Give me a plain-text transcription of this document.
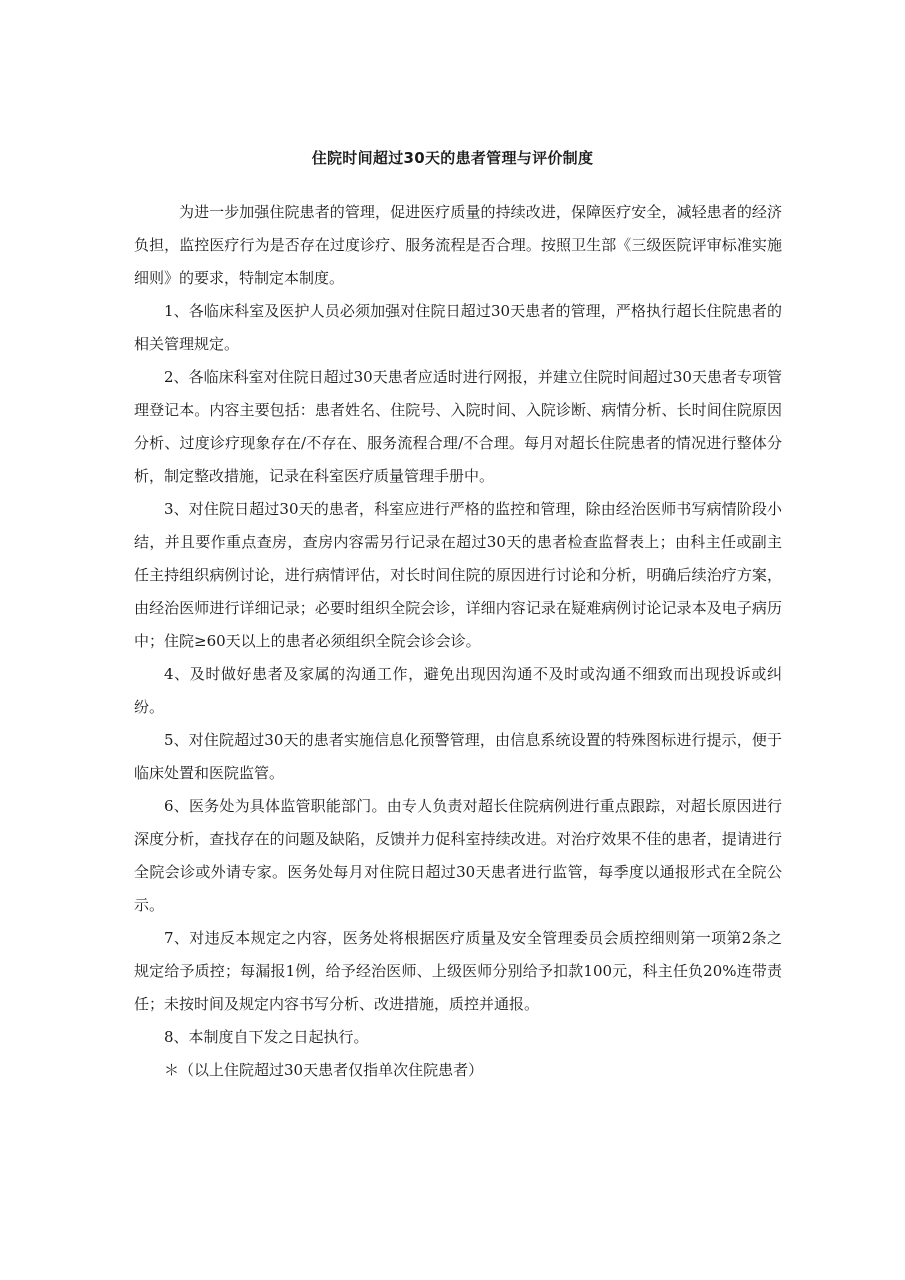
住院时间超过30天的患者管理与评价制度

为进一步加强住院患者的管理，促进医疗质量的持续改进，保障医疗安全，减轻患者的经济负担，监控医疗行为是否存在过度诊疗、服务流程是否合理。按照卫生部《三级医院评审标准实施细则》的要求，特制定本制度。

1、各临床科室及医护人员必须加强对住院日超过30天患者的管理，严格执行超长住院患者的相关管理规定。

2、各临床科室对住院日超过30天患者应适时进行网报，并建立住院时间超过30天患者专项管理登记本。内容主要包括：患者姓名、住院号、入院时间、入院诊断、病情分析、长时间住院原因分析、过度诊疗现象存在/不存在、服务流程合理/不合理。每月对超长住院患者的情况进行整体分析，制定整改措施，记录在科室医疗质量管理手册中。

3、对住院日超过30天的患者，科室应进行严格的监控和管理，除由经治医师书写病情阶段小结，并且要作重点查房，查房内容需另行记录在超过30天的患者检查监督表上；由科主任或副主任主持组织病例讨论，进行病情评估，对长时间住院的原因进行讨论和分析，明确后续治疗方案，由经治医师进行详细记录；必要时组织全院会诊，详细内容记录在疑难病例讨论记录本及电子病历中；住院≥60天以上的患者必须组织全院会诊会诊。

4、及时做好患者及家属的沟通工作，避免出现因沟通不及时或沟通不细致而出现投诉或纠纷。

5、对住院超过30天的患者实施信息化预警管理，由信息系统设置的特殊图标进行提示，便于临床处置和医院监管。

6、医务处为具体监管职能部门。由专人负责对超长住院病例进行重点跟踪，对超长原因进行深度分析，查找存在的问题及缺陷，反馈并力促科室持续改进。对治疗效果不佳的患者，提请进行全院会诊或外请专家。医务处每月对住院日超过30天患者进行监管，每季度以通报形式在全院公示。

7、对违反本规定之内容，医务处将根据医疗质量及安全管理委员会质控细则第一项第2条之规定给予质控；每漏报1例，给予经治医师、上级医师分别给予扣款100元，科主任负20%连带责任；未按时间及规定内容书写分析、改进措施，质控并通报。

8、本制度自下发之日起执行。

＊（以上住院超过30天患者仅指单次住院患者）
